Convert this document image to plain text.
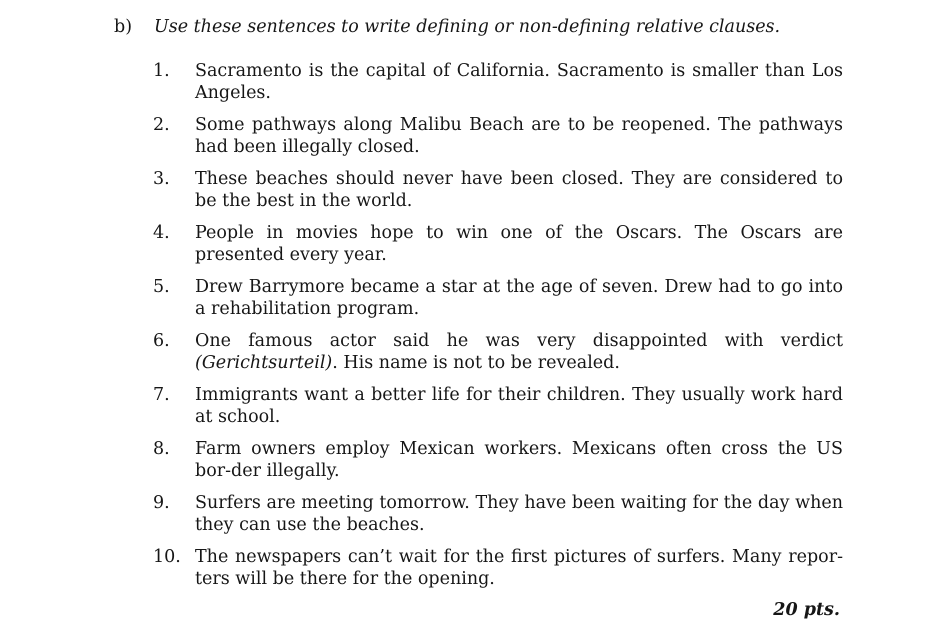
b) Use these sentences to write defining or non-defining relative clauses.
1.	Sacramento is the capital of California. Sacramento is smaller than Los Angeles.
2.	Some pathways along Malibu Beach are to be reopened. The pathways had been illegally closed.
3.	These beaches should never have been closed. They are considered to be the best in the world.
4.	People in movies hope to win one of the Oscars. The Oscars are presented every year.
5.	Drew Barrymore became a star at the age of seven. Drew had to go into a rehabilitation program.
6.	One famous actor said he was very disappointed with verdict (Gerichtsurteil). His name is not to be revealed.
7.	Immigrants want a better life for their children. They usually work hard at school.
8.	Farm owners employ Mexican workers. Mexicans often cross the US bor-der illegally.
9.	Surfers are meeting tomorrow. They have been waiting for the day when they can use the beaches.
10. The newspapers can’t wait for the first pictures of surfers. Many repor-ters will be there for the opening.
20 pts.
